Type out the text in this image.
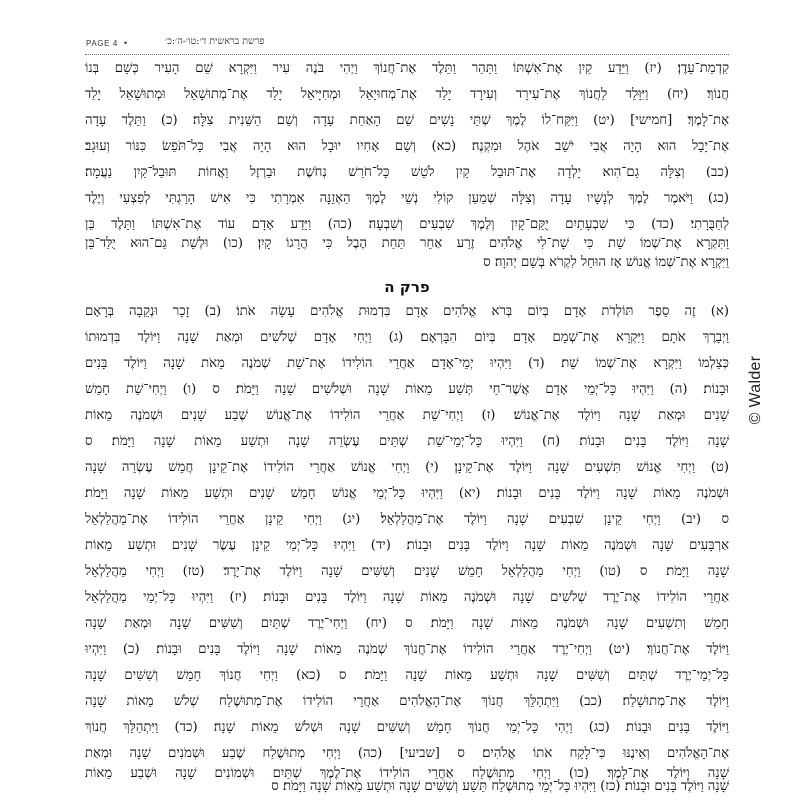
PAGE 4 •	פרשת בראשית ד׳:טו׳-ה׳:כ׳
קִדְמַת־עֵדֶן׃ (יז) וַיֵּדַע קַיִן אֶת־אִשְׁתּוֹ וַתַּהַר וַתֵּלֶד אֶת־חֲנוֹךְ וַיְהִי בֹּנֶה עִיר וַיִּקְרָא שֵׁם הָעִיר כְּשֵׁם בְּנוֹ
חֲנוֹךְ׃ (יח) וַיִּוָּלֵד לַחֲנוֹךְ אֶת־עִירָד וְעִירָד יָלַד אֶת־מְחוּיָאֵל וּמְחִיָּיאֵל יָלַד אֶת־מְתוּשָׁאֵל וּמְתוּשָׁאֵל יָלַד
אֶת־לָמֶךְ׃ [חמישי] (יט) וַיִּקַּח־לוֹ לֶמֶךְ שְׁתֵּי נָשִׁים שֵׁם הָאַחַת עָדָה וְשֵׁם הַשֵּׁנִית צִלָּה׃ (כ) וַתֵּלֶד עָדָה
אֶת־יָבָל הוּא הָיָה אֲבִי יֹשֵׁב אֹהֶל וּמִקְנֶה׃ (כא) וְשֵׁם אָחִיו יוּבָל הוּא הָיָה אֲבִי כָּל־תֹּפֵשׂ כִּנּוֹר וְעוּגָב׃
(כב) וְצִלָּה גַם־הִוא יָלְדָה אֶת־תּוּבַל קַיִן לֹטֵשׁ כָּל־חֹרֵשׁ נְחֹשֶׁת וּבַרְזֶל וַאֲחוֹת תּוּבַל־קַיִן נַעֲמָה׃
(כג) וַיֹּאמֶר לֶמֶךְ לְנָשָׁיו עָדָה וְצִלָּה שְׁמַעַן קוֹלִי נְשֵׁי לֶמֶךְ הַאְזֵנָּה אִמְרָתִי כִּי אִישׁ הָרַגְתִּי לְפִצְעִי וְיֶלֶד
לְחַבֻּרָתִי׃ (כד) כִּי שִׁבְעָתַיִם יֻקַּם־קָיִן וְלֶמֶךְ שִׁבְעִים וְשִׁבְעָה׃ (כה) וַיֵּדַע אָדָם עוֹד אֶת־אִשְׁתּוֹ וַתֵּלֶד בֵּן
וַתִּקְרָא אֶת־שְׁמוֹ שֵׁת כִּי שָׁת־לִי אֱלֹהִים זֶרַע אַחֵר תַּחַת הֶבֶל כִּי הֲרָגוֹ קָיִן׃ (כו) וּלְשֵׁת גַּם־הוּא יֻלַּד־בֵּן
וַיִּקְרָא אֶת־שְׁמוֹ אֱנוֹשׁ אָז הוּחַל לִקְרֹא בְּשֵׁם יְהוָה׃ ס
פרק ה
(א) זֶה סֵפֶר תּוֹלְדֹת אָדָם בְּיוֹם בְּרֹא אֱלֹהִים אָדָם בִּדְמוּת אֱלֹהִים עָשָׂה אֹתוֹ׃ (ב) זָכָר וּנְקֵבָה בְּרָאָם
וַיְבָרֶךְ אֹתָם וַיִּקְרָא אֶת־שְׁמָם אָדָם בְּיוֹם הִבָּרְאָם׃ (ג) וַיְחִי אָדָם שְׁלֹשִׁים וּמְאַת שָׁנָה וַיּוֹלֶד בִּדְמוּתוֹ
כְּצַלְמוֹ וַיִּקְרָא אֶת־שְׁמוֹ שֵׁת׃ (ד) וַיִּהְיוּ יְמֵי־אָדָם אַחֲרֵי הוֹלִידוֹ אֶת־שֵׁת שְׁמֹנֶה מֵאֹת שָׁנָה וַיּוֹלֶד בָּנִים
וּבָנוֹת׃ (ה) וַיִּהְיוּ כָּל־יְמֵי אָדָם אֲשֶׁר־חַי תְּשַׁע מֵאוֹת שָׁנָה וּשְׁלֹשִׁים שָׁנָה וַיָּמֹת׃ ס (ו) וַיְחִי־שֵׁת חָמֵשׁ
שָׁנִים וּמְאַת שָׁנָה וַיּוֹלֶד אֶת־אֱנוֹשׁ׃ (ז) וַיְחִי־שֵׁת אַחֲרֵי הוֹלִידוֹ אֶת־אֱנוֹשׁ שֶׁבַע שָׁנִים וּשְׁמֹנֶה מֵאוֹת
שָׁנָה וַיּוֹלֶד בָּנִים וּבָנוֹת׃ (ח) וַיִּהְיוּ כָּל־יְמֵי־שֵׁת שְׁתֵּים עֶשְׂרֵה שָׁנָה וּתְשַׁע מֵאוֹת שָׁנָה וַיָּמֹת׃ ס
(ט) וַיְחִי אֱנוֹשׁ תִּשְׁעִים שָׁנָה וַיּוֹלֶד אֶת־קֵינָן׃ (י) וַיְחִי אֱנוֹשׁ אַחֲרֵי הוֹלִידוֹ אֶת־קֵינָן חֲמֵשׁ עֶשְׂרֵה שָׁנָה
וּשְׁמֹנֶה מֵאוֹת שָׁנָה וַיּוֹלֶד בָּנִים וּבָנוֹת׃ (יא) וַיִּהְיוּ כָּל־יְמֵי אֱנוֹשׁ חָמֵשׁ שָׁנִים וּתְשַׁע מֵאוֹת שָׁנָה וַיָּמֹת׃
ס (יב) וַיְחִי קֵינָן שִׁבְעִים שָׁנָה וַיּוֹלֶד אֶת־מַהֲלַלְאֵל׃ (יג) וַיְחִי קֵינָן אַחֲרֵי הוֹלִידוֹ אֶת־מַהֲלַלְאֵל
אַרְבָּעִים שָׁנָה וּשְׁמֹנֶה מֵאוֹת שָׁנָה וַיּוֹלֶד בָּנִים וּבָנוֹת׃ (יד) וַיִּהְיוּ כָּל־יְמֵי קֵינָן עֶשֶׂר שָׁנִים וּתְשַׁע מֵאוֹת
שָׁנָה וַיָּמֹת׃ ס (טו) וַיְחִי מַהֲלַלְאֵל חָמֵשׁ שָׁנִים וְשִׁשִּׁים שָׁנָה וַיּוֹלֶד אֶת־יָרֶד׃ (טז) וַיְחִי מַהֲלַלְאֵל
אַחֲרֵי הוֹלִידוֹ אֶת־יֶרֶד שְׁלֹשִׁים שָׁנָה וּשְׁמֹנֶה מֵאוֹת שָׁנָה וַיּוֹלֶד בָּנִים וּבָנוֹת׃ (יז) וַיִּהְיוּ כָּל־יְמֵי מַהֲלַלְאֵל
חָמֵשׁ וְתִשְׁעִים שָׁנָה וּשְׁמֹנֶה מֵאוֹת שָׁנָה וַיָּמֹת׃ ס (יח) וַיְחִי־יֶרֶד שְׁתַּיִם וְשִׁשִּׁים שָׁנָה וּמְאַת שָׁנָה
וַיּוֹלֶד אֶת־חֲנוֹךְ׃ (יט) וַיְחִי־יֶרֶד אַחֲרֵי הוֹלִידוֹ אֶת־חֲנוֹךְ שְׁמֹנֶה מֵאוֹת שָׁנָה וַיּוֹלֶד בָּנִים וּבָנוֹת׃ (כ) וַיִּהְיוּ
כָּל־יְמֵי־יֶרֶד שְׁתַּיִם וְשִׁשִּׁים שָׁנָה וּתְשַׁע מֵאוֹת שָׁנָה וַיָּמֹת׃ ס (כא) וַיְחִי חֲנוֹךְ חָמֵשׁ וְשִׁשִּׁים שָׁנָה
וַיּוֹלֶד אֶת־מְתוּשָׁלַח׃ (כב) וַיִּתְהַלֵּךְ חֲנוֹךְ אֶת־הָאֱלֹהִים אַחֲרֵי הוֹלִידוֹ אֶת־מְתוּשֶׁלַח שְׁלֹשׁ מֵאוֹת שָׁנָה
וַיּוֹלֶד בָּנִים וּבָנוֹת׃ (כג) וַיְהִי כָּל־יְמֵי חֲנוֹךְ חָמֵשׁ וְשִׁשִּׁים שָׁנָה וּשְׁלֹשׁ מֵאוֹת שָׁנָה׃ (כד) וַיִּתְהַלֵּךְ חֲנוֹךְ
אֶת־הָאֱלֹהִים וְאֵינֶנּוּ כִּי־לָקַח אֹתוֹ אֱלֹהִים׃ ס [שביעי] (כה) וַיְחִי מְתוּשֶׁלַח שֶׁבַע וּשְׁמֹנִים שָׁנָה וּמְאַת
שָׁנָה וַיּוֹלֶד אֶת־לָמֶךְ׃ (כו) וַיְחִי מְתוּשֶׁלַח אַחֲרֵי הוֹלִידוֹ אֶת־לֶמֶךְ שְׁתַּיִם וּשְׁמוֹנִים שָׁנָה וּשְׁבַע מֵאוֹת
שָׁנָה וַיּוֹלֶד בָּנִים וּבָנוֹת׃ (כז) וַיִּהְיוּ כָּל־יְמֵי מְתוּשֶׁלַח תֵּשַׁע וְשִׁשִּׁים שָׁנָה וּתְשַׁע מֵאוֹת שָׁנָה וַיָּמֹת׃ ס
© Walder
